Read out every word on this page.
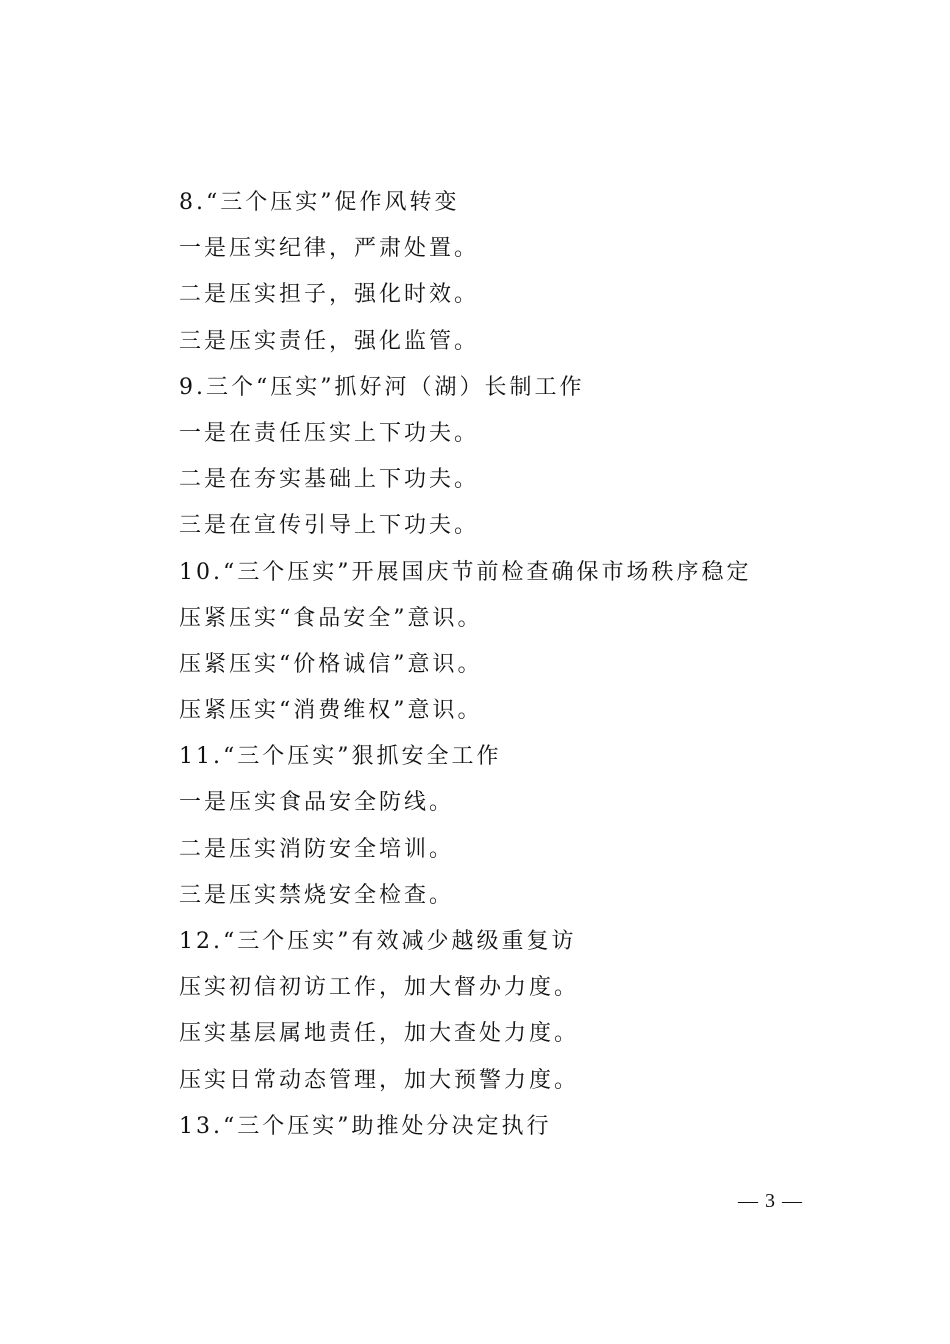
8.“三个压实”促作风转变
一是压实纪律，严肃处置。
二是压实担子，强化时效。
三是压实责任，强化监管。
9.三个“压实”抓好河（湖）长制工作
一是在责任压实上下功夫。
二是在夯实基础上下功夫。
三是在宣传引导上下功夫。
10.“三个压实”开展国庆节前检查确保市场秩序稳定
压紧压实“食品安全”意识。
压紧压实“价格诚信”意识。
压紧压实“消费维权”意识。
11.“三个压实”狠抓安全工作
一是压实食品安全防线。
二是压实消防安全培训。
三是压实禁烧安全检查。
12.“三个压实”有效减少越级重复访
压实初信初访工作，加大督办力度。
压实基层属地责任，加大查处力度。
压实日常动态管理，加大预警力度。
13.“三个压实”助推处分决定执行
— 3 —
